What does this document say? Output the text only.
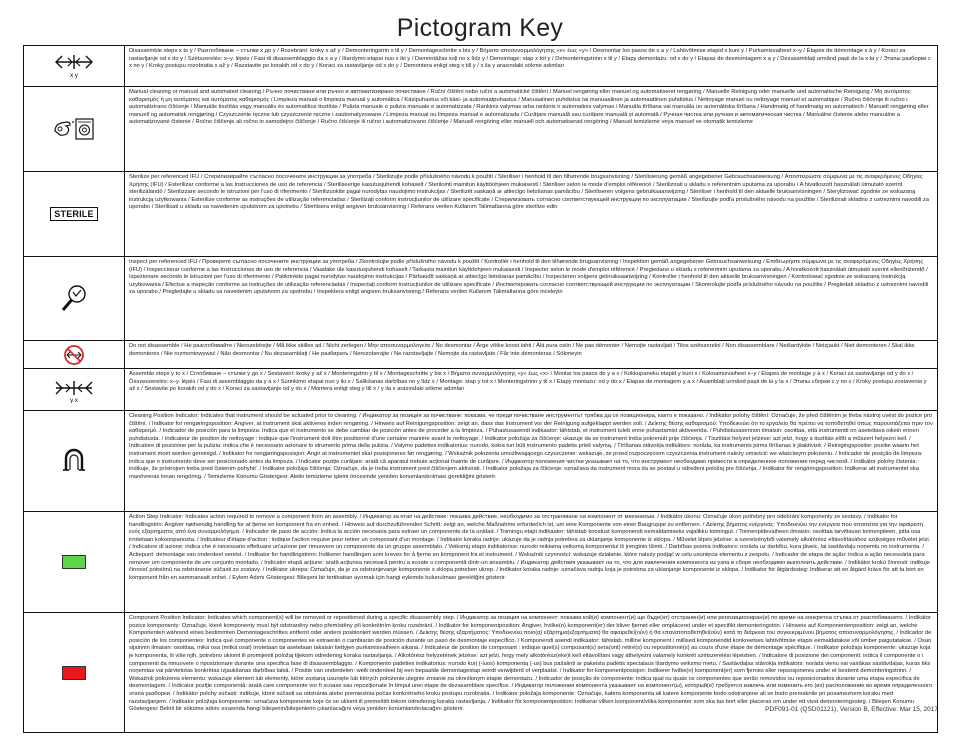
Pictogram Key
x y
Disassemble steps x to y / Разглобяване – стъпки x до y / Rozebrání: kroky x až y / Demonteringstrin x til y / Demontageschritte x bis y / Βήματα αποσυναρμολόγησης «x» έως «y» / Desmontar los pasos de x a y / Lahtivõtmise etapid x kuni y / Purkamisvaiheet x–y / Étapes de démontage x à y / Koraci za rastavljanje od x do y / Szétszerelés: x–y. lépés / Fasi di disassemblaggio da x a y / Išardymo etapai nuo x iki y / Demontāžas soļi no x līdz y / Demontage: stap x tot y / Demonteringstrinn x til y / Etapy demontażu: od x do y / Etapas de desmontagem x a y / Dezasamblați urmând pașii de la x la y / Этапы разборки с x по y / Kroky postupu rozobratia x až y / Razstavite po korakih od x do y / Koraci za rastavljanje od x do y / Demontera enligt steg x till y / x ila y arasındaki sökme adımları
Manual cleaning or manual and automated cleaning / Ръчно почистване или ръчно и автоматизирано почистване / Ruční čištění nebo ruční a automatické čištění / Manuel rengøring eller manuel og automatiseret rengøring / Manuelle Reinigung oder manuelle und automatische Reinigung / Μη αυτόματος καθαρισμός ή μη αυτόματος και αυτόματος καθαρισμός / Limpieza manual o limpieza manual y automática / Käsipuhastus või käsi- ja automaatpuhastus / Manuaalinen puhdistus tai manuaalinen ja automaattinen puhdistus / Nettoyage manuel ou nettoyage manuel et automatique / Ručno čišćenje ili ručno i automatizirano čišćenje / Manuális tisztítás vagy manuális és automatikus tisztítás / Pulizia manuale o pulizia manuale e automatizzata / Rankinis valymas arba rankinis ir automatinis valymas / Manuāla tīrīšana vai manuāla un automātiska tīrīšana / Handmatig of handmatig en automatisch / Manuell rengjøring eller manuell og automatisk rengjøring / Czyszczenie ręczne lub czyszczenie ręczne i zautomatyzowane / Limpeza manual ou limpeza manual e automatizada / Curățare manuală sau curățare manuală și automată / Ручная чистка или ручная и автоматическая чистка / Manuálne čistenie alebo manuálne a automatizované čistenie / Ročno čiščenje ali ročno in samodejno čiščenje / Ručno čišćenje ili ručno i automatizovano čišćenje / Manuell rengöring eller manuell och automatiserad rengöring / Manuel temizleme veya manuel ve otomatik temizleme
STERILE
Sterilize per referenced IFU / Стерилизирайте съгласно посочените инструкции за употреба / Sterilizujte podle příslušného návodu k použití / Steriliser i henhold til den tilhørende brugsanvisning / Sterilisierung gemäß angegebener Gebrauchsanweisung / Αποστειρώστε σύμφωνα με τις αναφερόμενες Οδηγίες Χρήσης (IFU) / Esterilizar conforme a las Instrucciones de uso de referencia / Steriliseerige kasutusjuhendi kohaselt / Sterilointi mainitun käyttöohjeen mukaisesti / Stériliser selon le mode d'emploi référencé / Sterilizirati u skladu s referentnim uputama za uporabu / A hivatkozott használati útmutató szerint sterilizálandó / Sterilizzare secondo le istruzioni per l'uso di riferimento / Sterilizuokite pagal nurodytas naudojimo instrukcijas / Sterilizēt saskaņā ar attiecīgo lietošanas pamācību / Steriliseren volgens gebruiksaanwijzing / Steriliser i henhold til den aktuelle bruksanvisningen / Sterylizować zgodnie ze wskazaną instrukcją użytkowania / Esterilize conforme as instruções de utilização referenciadas / Sterilizați conform instrucțiunilor de utilizare specificate / Стерилизовать согласно соответствующей инструкции по эксплуатации / Sterilizujte podľa príslušného návodu na použitie / Sterilizirati skladno z ustreznimi navodili za uporabo / Sterilisati u skladu sa navedenim uputstvom za upotrebu / Sterilisera enligt angiven bruksanvisning / Referans verilen Kullanım Talimatlarına göre sterilize edin
Inspect per referenced IFU / Проверете съгласно посочените инструкции за употреба / Zkontrolujte podle příslušného návodu k použití / Kontrollér i henhold til den tilhørende brugsanvisning / Inspektion gemäß angegebener Gebrauchsanweisung / Επιθεωρήστε σύμφωνα με τις αναφερόμενες Οδηγίες Χρήσης (IFU) / Inspeccionar conforme a las Instrucciones de uso de referencia / Vaadake üle kasutusjuhendi kohaselt / Tarkasta mainitun käyttöohjeen mukaisesti / Inspecter selon le mode d'emploi référencé / Pregledano u skladu s referentnim uputama za uporabu / A hivatkozott használati útmutató szerint ellenőrizendő / Ispezionare secondo le istruzioni per l'uso di riferimento / Patikrinkite pagal nurodytas naudojimo instrukcijas / Pārbaudīt saskaņā ar attiecīgo lietošanas pamācību / Inspecteren volgens gebruiksaanwijzing / Kontroller i henhold til den aktuelle bruksanvisningen / Kontrolować zgodnie ze wskazaną instrukcją użytkowania / Efectue a inspeção conforme as instruções de utilização referenciadas / Inspectați conform instrucțiunilor de utilizare specificate / Инспектировать согласно соответствующей инструкции по эксплуатации / Skontrolujte podľa príslušného návodu na použitie / Pregledati skladno z ustreznimi navodili za uporabo / Pregledajte u skladu sa navedenim uputstvom za upotrebu / Inspektera enligt angiven bruksanvisning / Referans verilen Kullanım Talimatlarına göre inceleyin
Do not disassemble / Не разглобявайте / Nerozebírejte / Må ikke skilles ad / Nicht zerlegen / Μην αποσυναρμολογείτε / No desmontar / Ärge võtke koost lahti / Älä pura osiin / Ne pas démonter / Nemojte rastavljati / Tilos szétszerelni / Non disassemblare / Neišardykite / Neizjaukt / Niet demonteren / Skal ikke demonteres / Nie rozmontowywać / Não desmontar / Nu dezasamblați / Не разбирать / Nerozoberajte / Ne razstavljajte / Nemojte da rastavljate / Får inte demonteras / Sökmeyin
y x
Assemble steps y to x / Сглобяване – стъпки y до x / Sestavení: kroky y až x / Monteringstrin y til x / Montageschritte y bis x / Βήματα συναρμολόγησης «y» έως «x» / Montar los pasos de y a x / Kokkupaneku etapid y kuni x / Kokoamisvaiheet x–y / Étapes de montage y à x / Koraci za sastavljanje od y do x / Összeszerelés: x–y. lépés / Fasi di assemblaggio da y a x / Surinkimo etapai nuo y iki x / Salikšanas darbības no y līdz x / Montage: stap y tot x / Monteringstrinn y til x / Etapy montażu: od y do x / Etapas de montagem y a x / Asamblați urmând pașii de la y la x / Этапы сборки с y по x / Kroky postupu zostavenia y až x / Sestavite po korakih od y do x / Koraci za sastavljanje od y do x / Montera enligt steg y till x / y ila x arasındaki sökme adımları
Cleaning Position Indicator: Indicates that instrument should be actuated prior to cleaning. / Индикатор за позиция за почистване: показва, че преди почистване инструментът трябва да се позиционира, както е показано. / Indikátor polohy čištění: Označuje, že před čištěním je třeba nástroj uvést do pozice pro čištění. / Indikator for rengøringsposition: Angiver, at instrument skal aktiveres inden rengøring. / Hinweis auf Reinigungsposition: zeigt an, dass das Instrument vor der Reinigung aufgeklappt werden soll. / Δείκτης θέσης καθαρισμού: Υποδεικνύει ότι το εργαλείο θα πρέπει να τοποθετηθεί όπως παρουσιάζεται πριν τον καθαρισμό. / Indicador de posición para la limpieza: Indica que el instrumento se debe cambiar de posición antes de proceder a la limpieza. / Puhastusasendi indikaator: tähistab, et instrument tuleb enne puhastamist aktiveerida. / Puhdistusasennon ilmaisin: osoittaa, että instrumentti on asetettava oikein ennen puhdistusta. / Indicateur de position de nettoyage : indique que l'instrument doit être positionné d'une certaine manière avant le nettoyage. / Indikator položaja za čišćenje: ukazuje da se instrument treba pokrenuti prije čišćenja. / Tisztítási helyzet jelzése: azt jelzi, hogy a tisztítás előtt a műszert helyezni kell. / Indicatore di posizione per la pulizia: indica che è necessario azionare lo strumento prima della pulizia. / Valymo padėties indikatorius: nurodo, kokia turi būti instrumento padėtis prieš valymą. / Tīrīšanas stāvokļa indikātors: norāda, ka instruments pirms tīrīšanas ir jāaktivizē. / Reinigingspositie: positie waarin het instrument moet worden gereinigd. / Indikator for rengjøringsposisjon: Angir at instrumentet skal posisjoneres før rengjøring. / Wskaźnik położenia umożliwiającego czyszczenie: wskazuje, że przed rozpoczęciem czyszczenia instrument należy umieścić we właściwym położeniu. / Indicador de posição de limpeza: indica que o instrumento deve ser posicionado antes da limpeza. / Indicator poziție curățare: arată că aparatul trebuie acționat înainte de curățare. / Индикатор положения чистки указывает на то, что инструмент необходимо привести в определенное положение перед чисткой. / Indikátor polohy čistenia: indikuje, že prístrojom treba pred čistením pohybiť. / Indikator položaja čiščenja: Označuje, da je treba instrument pred čiščenjem aktivirati. / Indikator položaja za čišćenje: označava da instrument mora da se postavi u određeni položaj pre čišćenja. / Indikator för rengöringsposition: Indikerar att instrumentet ska manövreras innan rengöring. / Temizleme Konumu Göstergesi: Aletin temizleme işlemi öncesinde yeniden konumlandırılması gerektiğini gösterir.
Action Step Indicator: Indicates action required to remove a component from an assembly. / Индикатор за етап на действие: показва действие, необходимо за отстраняване на компонент от механизъм. / Indikátor úkonu: Označuje úkon potřebný pro odebrání komponenty ze sestavy. / Indikator for handlingstrin: Angiver nødvendig handling for at fjerne en komponent fra en enhed. / Hinweis auf durchzuführenden Schritt: zeigt an, welche Maßnahme erforderlich ist, um eine Komponente von einer Baugruppe zu entfernen. / Δείκτης βήματος ενέργειας: Υποδεικνύει την ενέργεια που απαιτείται για την αφαίρεση ενός εξαρτήματος από ένα συναρμολόγημα. / Indicador de paso de acción: Indica la acción necesaria para extraer un componente de la unidad. / Toimingu etapi indikaator: tähistab koostust komponendi eemaldamiseks vajalikku toimingut. / Toimenpidevaiheen ilmaisin: osoittaa tarvittavan toimenpiteen, jotta osa irrotetaan kokoonpanosta. / Indicateur d'étape d'action : indique l'action requise pour retirer un composant d'un montage. / Indikator koraka radnje: ukazuje da je radnja potrebna za uklanjanje komponente iz sklopa. / Művelet lépés jelzése: a szerelvényből valamely alkotórész eltávolításához szükséges művelet jelzi. / Indicatore di azione: indica che è necessario effettuare un'azione per rimuovere un componente da un gruppo assemblato. / Veiksmų etapo indikatorius: nurodo reikiamą veiksmą komponentui iš įrenginio išimti. / Darbības posma indikators: norāda uz darbību, kura jāveic, lai sastāvdaļu noņemtu no instrumenta. / Actiepunt: demontage van onderdeel vereist. / Indikator for handlingstrinn: Indikerer handlingen som kreves for å fjerne en komponent fra et instrument. / Wskaźnik czynności: wskazuje działanie, które należy podjąć w celu usunięcia elementu z zespołu. / Indicador de etapa de ação: indica a ação necessária para remover um componente de um conjunto montado. / Indicator etapă acțiune: arată acțiunea necesară pentru a scoate o componentă dintr-un ansamblu. / Индикатор действия указывает на то, что для извлечения компонента из узла в сборе необходимо выполнить действие. / Indikátor krokú činnosti: indikuje činnosť potrebnú na odstránenie súčasti zo zostavy. / Indikator ukrepa: Označuje, da je za odstranjevanje komponente s sklopa potreben ukrep. / Indikator koraka radnje: označava radnju koja je potrebna za uklanjanje komponente iz sklopa. / Indikator för åtgärdssteg: Indikerar att en åtgärd krävs för att ta bort en komponent från en sammansatt enhet. / Eylem Adımı Göstergesi: Bileşeni bir tertibattan ayırmak için hangi eylemde bulunulması gerektiğini gösterir.
Component Position Indicator: Indicates which component(s) will be removed or repositioned during a specific disassembly step. / Индикатор за позиция на компонент: показва кой(и) компонент(и) ще бъде(ат) отстранен(и) или репозициониран(и) по време на конкретна стъпка от разглобяването. / Indikátor pozice komponenty: Označuje, které komponenty musí být odstraněny nebo přemístěny při konkrétním kroku rozebrání. / Indikator for komponentposition: Angiver, hvilke(n) komponent(er) der bliver fjernet eller omplaceret under et specifikt demonteringstrin. / Hinweis auf Komponentenposition: zeigt an, welche Komponenten während eines bestimmten Demontageschrittes entfernt oder anders positioniert werden müssen. / Δείκτης θέσης εξαρτήματος: Υποδεικνύει ποιο(α) εξάρτημα(εξαρτήματα) θα αφαιρεθεί(ούν) ή θα επανατοποθετηθεί(ούν) κατά τη διάρκεια του συγκεκριμένου βήματος αποσυναρμολόγησης. / Indicador de posición de los componentes: Indica qué componente o componentes se extraerán o cambiarán de posición durante un paso de desmontaje específico. / Komponendi asendi indikaator: tähistab, milline komponent / millised komponendid konkreetses lahtivõtmise etapis eemaldatakse või ümber paigutatakse. / Osan sijainnin ilmaisin: osoittaa, mikä osa (mitkä osat) irrotetaan tai asetetaan takaisin tiettyjen purkamisvaiheen aikana. / Indicateur de position de composant : indique quel(s) composant(s) sera(ont) retiré(s) ou repositionné(s) au cours d'une étape de démontage spécifique. / Indikator položaja komponente: ukazuje koja je komponenta, ili više njih, potrebno uklonit ili promijeniti položaj tijekom određenog koraka rastavljanja. / Alkotórész helyzetének jelzése: azt jelzi, hogy mely alkotórész(eke)t kell eltávolítani vagy áthelyezni valamely konkrét szétszerelési lépésben. / Indicatore di posizione dei componenti: indica il componente o i componenti da rimuovere o riposizionare durante una specifica fase di disassemblaggio. / Komponento padėties indikatorius: nurodo kurį (-iuos) komponentą (-us) bus pašalinti ar pakeista padėtis specialaus išardymo veiksmo metu. / Sastāvdaļas stāvokļa indikators: norāda vienu vai vairākas sastāvdaļas, kuras tiks noņemtas vai pārvietotas konkrētas izjaukšanas darbības laikā. / Positie van onderdelen: welk onderdeel bij een bepaalde demontagestap wordt verwijderd of verplaatst. / Indikator for komponentposisjon: Indikerer hvilke(n) komponent(er) som fjernes eller repsosjoneres under et bestemt demonteringstrinn. / Wskaźnik położenia elementu: wskazuje element lub elementy, które zostaną usunięte lub których położenie ulegnie zmianie na określonym etapie demontażu. / Indicador de posição de componente: indica qual ou quais os componentes que serão removidos ou reposicionados durante uma etapa específica de desmontagem. / Indicator poziție componentă: arată care componente vor fi scoase sau repoziționate în timpul unei etape de dezasamblare specifice. / Индикатор положения компонента указывает на компонент(ы), который(е) требуется извлечь или изменить его (их) расположение во время определенного этапа разборки. / Indikátor polohy súčasti: indikuje, ktoré súčasti sa odstránia alebo premiestnia počas konkrétneho kroku postupu rozobratia. / Indikator položaja komponente: Označuje, katera komponenta ali katere komponente bodo odstranjene ali se bodo premaknile pri posameznem koraku med razstavljanjem. / Indikator položaja komponente: označava komponente koje će se uklonit ili premeštiti tokom određenog koraka rastavljanja. / Indikator för komponentposition: Indikerar vilken komponent/vilka komponenter som ska tas bort eller placeras om under ett visst demonteringssteg. / Bileşen Konumu Göstergesi: Belirli bir söküme adımı sırasında hangi bileşenin/bileşenlerin çıkarılacağını veya yeniden konumlandırılacağını gösterir.	PDF091-01 (QSD01121), Version B, Effective: Mar 15, 2017
